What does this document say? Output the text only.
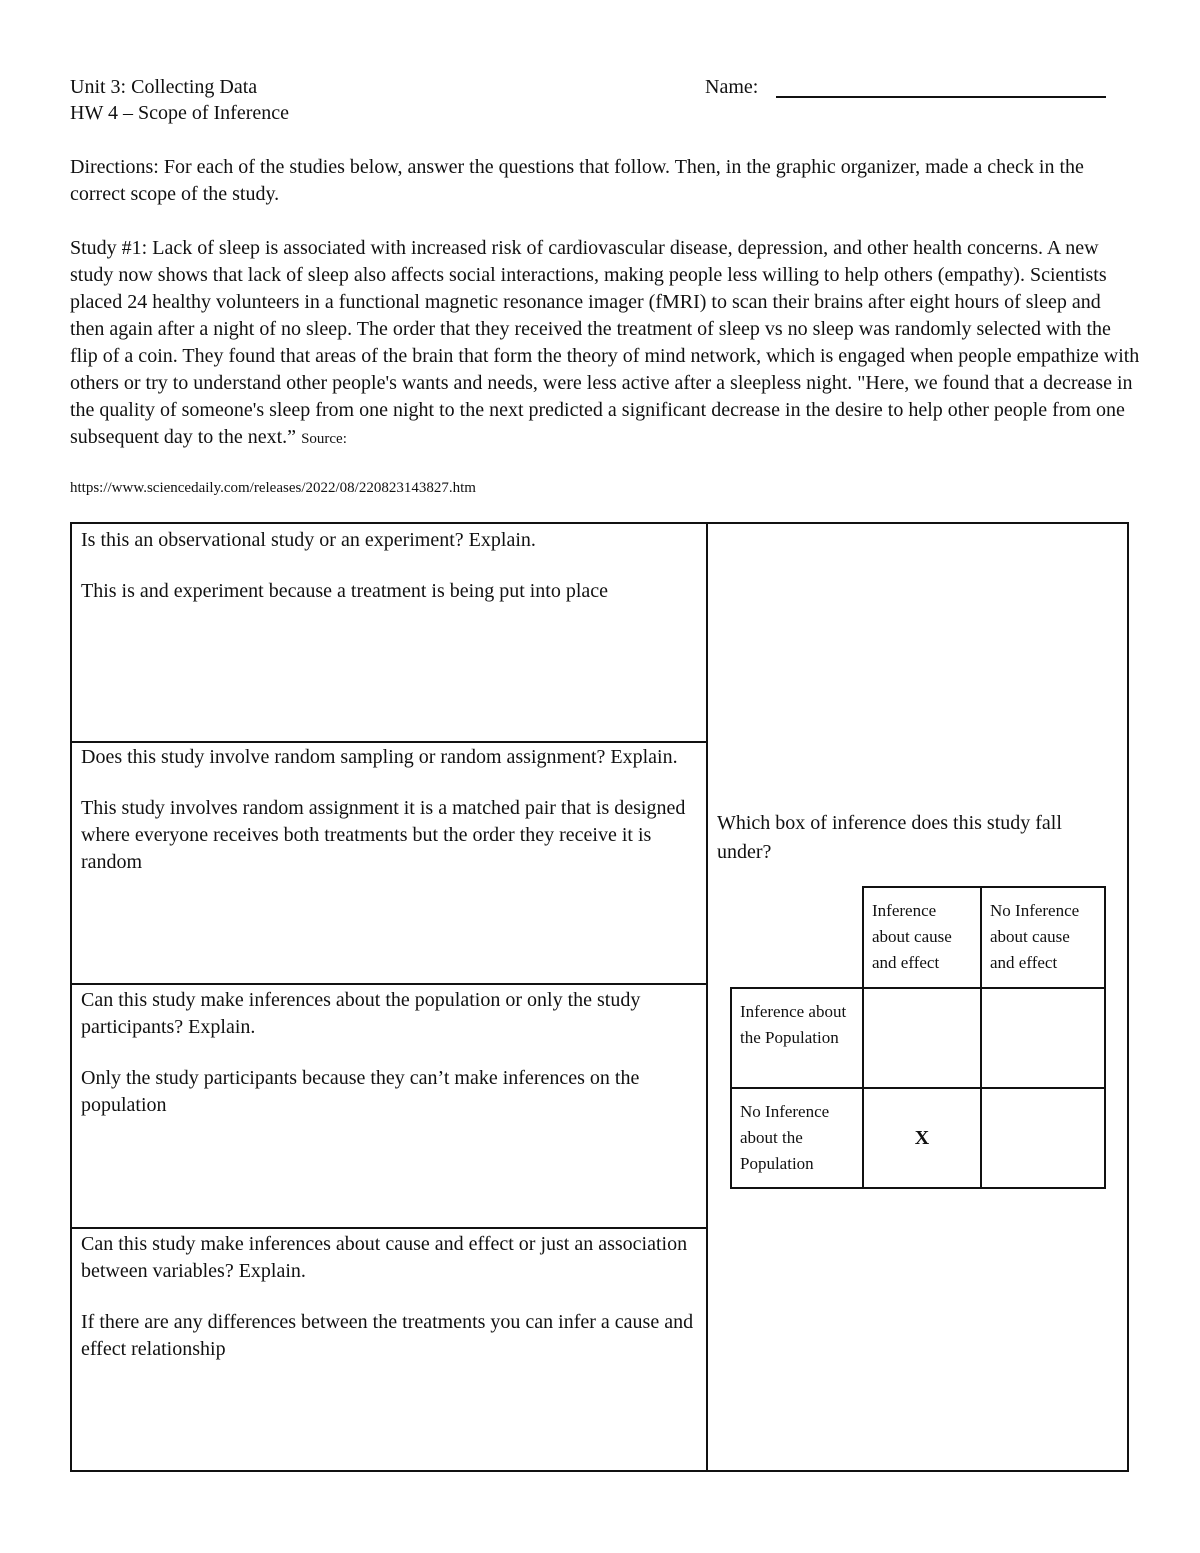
Unit 3: Collecting Data
HW 4 – Scope of Inference
Name:
Directions: For each of the studies below, answer the questions that follow. Then, in the graphic organizer, made a check in the correct scope of the study.
Study #1: Lack of sleep is associated with increased risk of cardiovascular disease, depression, and other health concerns. A new study now shows that lack of sleep also affects social interactions, making people less willing to help others (empathy). Scientists placed 24 healthy volunteers in a functional magnetic resonance imager (fMRI) to scan their brains after eight hours of sleep and then again after a night of no sleep. The order that they received the treatment of sleep vs no sleep was randomly selected with the flip of a coin. They found that areas of the brain that form the theory of mind network, which is engaged when people empathize with others or try to understand other people's wants and needs, were less active after a sleepless night. "Here, we found that a decrease in the quality of someone's sleep from one night to the next predicted a significant decrease in the desire to help other people from one subsequent day to the next.” Source:
https://www.sciencedaily.com/releases/2022/08/220823143827.htm

Is this an observational study or an experiment? Explain.

This is and experiment because a treatment is being put into place

Does this study involve random sampling or random assignment? Explain.

This study involves random assignment it is a matched pair that is designed where everyone receives both treatments but the order they receive it is random

Can this study make inferences about the population or only the study participants? Explain.

Only the study participants because they can’t make inferences on the population

Can this study make inferences about cause and effect or just an association between variables? Explain.

If there are any differences between the treatments you can infer a cause and effect relationship

Which box of inference does this study fall under?
	Inference about cause and effect	No Inference about cause and effect
Inference about the Population		
No Inference about the Population	X	
